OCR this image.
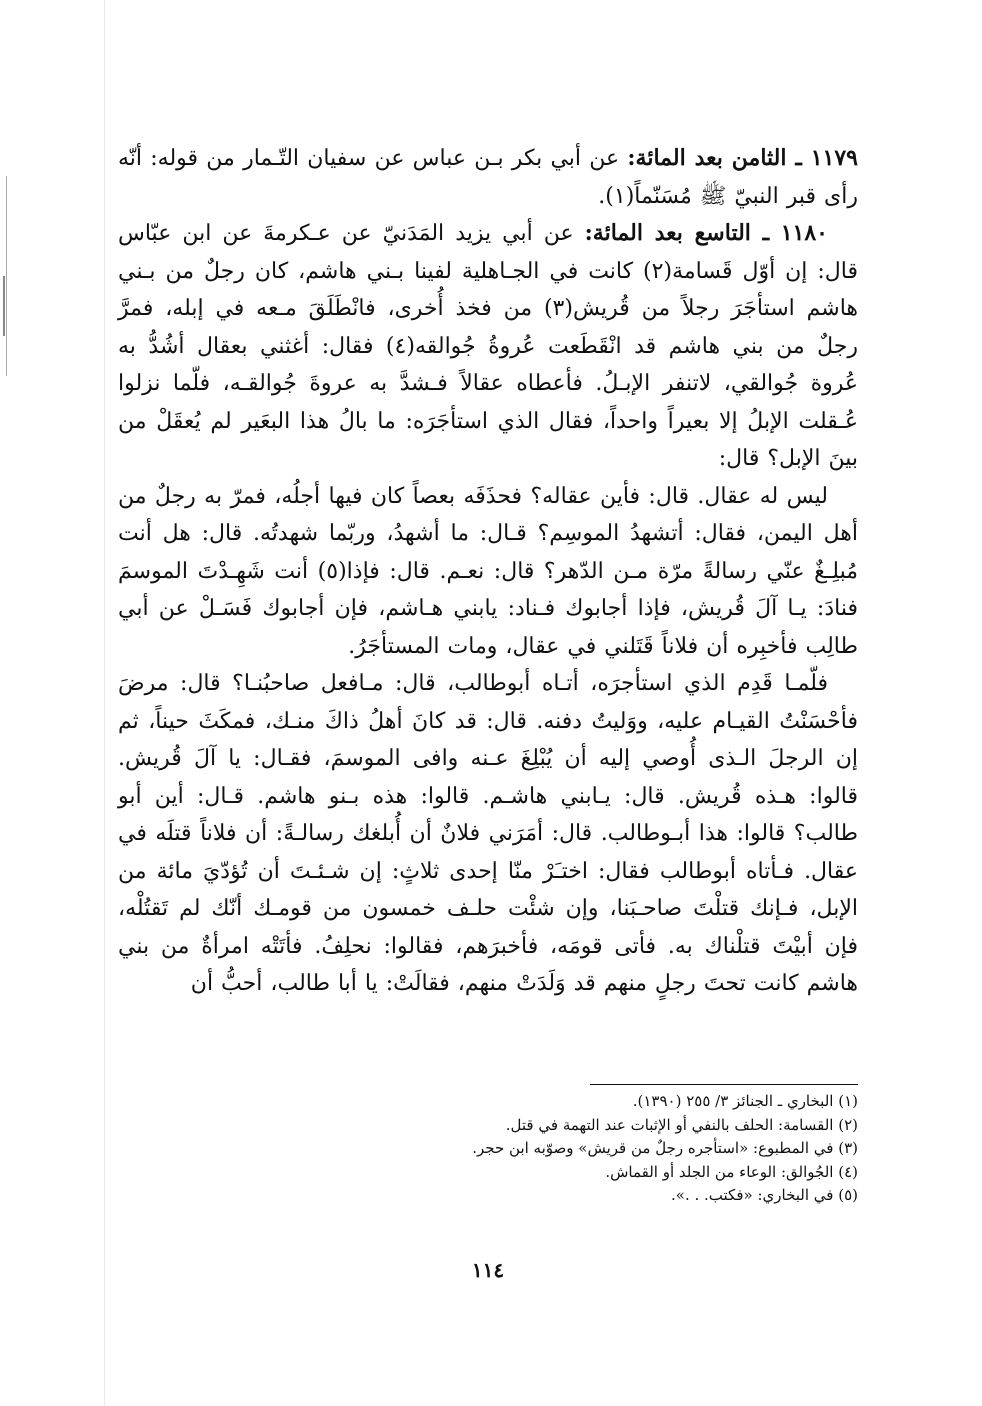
١١٧٩ ـ الثامن بعد المائة: عن أبي بكر بـن عباس عن سفيان التّـمار من قوله: أنّه رأى قبر النبيّ ﷺ مُسَنّماً(١).

١١٨٠ ـ التاسع بعد المائة: عن أبي يزيد المَدَنيّ عن عـكرمةَ عن ابن عبّاس قال: إن أوّل قَسامة(٢) كانت في الجـاهلية لفينا بـني هاشم، كان رجلٌ من بـني هاشم استأجَرَ رجلاً من قُريش(٣) من فخذ أُخرى، فانْطَلَقَ مـعه في إبله، فمرَّ رجلٌ من بني هاشم قد انْقَطَعت عُروةُ جُوالقه(٤) فقال: أغثني بعقال أشُدُّ به عُروة جُوالقي، لاتنفر الإبـلُ. فأعطاه عقالاً فـشدَّ به عروةَ جُوالقـه، فلّما نزلوا عُـقلت الإبلُ إلا بعيراً واحداً، فقال الذي استأجَرَه: ما بالُ هذا البعَير لم يُعقَلْ من بينَ الإبل؟ قال:

ليس له عقال. قال: فأين عقاله؟ فحذَفَه بعصاً كان فيها أجلُه، فمرّ به رجلٌ من أهل اليمن، فقال: أتشهدُ الموسِم؟ قـال: ما أشهدُ، وربّما شهدتُه. قال: هل أنت مُبلِـغٌ عنّي رسالةً مرّة مـن الدّهر؟ قال: نعـم. قال: فإذا(٥) أنت شَهِـدْتَ الموسمَ فنادَ: يـا آلَ قُريش، فإذا أجابوك فـناد: يابني هـاشم، فإن أجابوك فَسَـلْ عن أبي طالِب فأخبِره أن فلاناً قَتَلني في عقال، ومات المستأجَرُ.

فلّمـا قَدِم الذي استأجرَه، أتـاه أبوطالب، قال: مـافعل صاحبُنـا؟ قال: مرضَ فأحْسَنْتُ القيـام عليه، ووَليتُ دفنه. قال: قد كانَ أهلُ ذاكَ منـك، فمكَثَ حيناً، ثم إن الرجلَ الـذى أُوصي إليه أن يُبْلِغَ عـنه وافى الموسمَ، فقـال: يا آلَ قُريش. قالوا: هـذه قُريش. قال: يـابني هاشـم. قالوا: هذه بـنو هاشم. قـال: أين أبو طالب؟ قالوا: هذا أبـوطالب. قال: أمَرَني فلانٌ أن أُبلغك رسالـةً: أن فلاناً قتلَه في عقال. فـأتاه أبوطالب فقال: اختـَرْ منّا إحدى ثلاثٍ: إن شـئـتَ أن تُؤدّيَ مائة من الإبل، فـإنك قتلْتَ صاحـبَنا، وإن شئْت حلـف خمسون من قومـك أنّك لم تَقتُلْه، فإن أبيْتَ قتلْناك به. فأتى قومَه، فأخبرَهم، فقالوا: نحلِفُ. فأتَتْه امرأةٌ من بني هاشم كانت تحتَ رجلٍ منهم قد وَلَدَتْ منهم، فقالَتْ: يا أبا طالب، أحبُّ أن

(١) البخاري ـ الجنائز ٣/ ٢٥٥ (١٣٩٠).

(٢) القسامة: الحلف بالنفي أو الإثبات عند التهمة في قتل.

(٣) في المطبوع: «استأجره رجلٌ من قريش» وصوّبه ابن حجر.

(٤) الجُوالق: الوعاء من الجلد أو القماش.

(٥) في البخاري: «فكتب. . .».

١١٤
